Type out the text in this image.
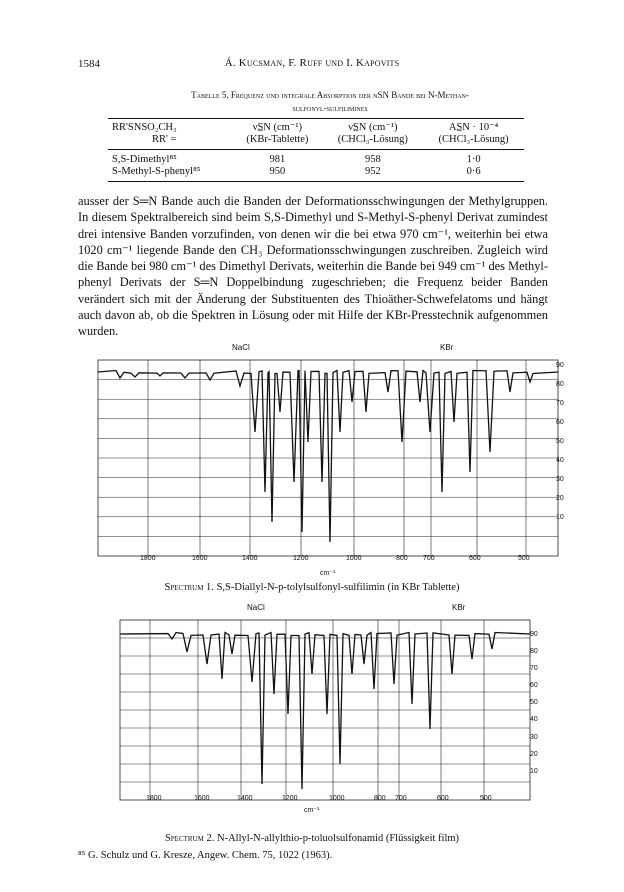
1584	Á. Kucsman, F. Ruff und I. Kapovits
Tabelle 5. Frequenz und integrale Absorption der νSN Bande bei N-Methan-
sulfonyl-sulfilimines
RR'SNSO₂CH₃	νS̲N (cm⁻¹)	νS̲N (cm⁻¹)	AS̲N · 10⁻⁴
RR' =	(KBr-Tablette)	(CHCl₃-Lösung)	(CHCl₃-Lösung)
S,S-Dimethyl⁸⁵	981	958	1·0
S-Methyl-S-phenyl⁸⁵	950	952	0·6

ausser der S═N Bande auch die Banden der Deformationsschwingungen der Methylgruppen. In diesem Spektralbereich sind beim S,S-Dimethyl und S-Methyl-S-phenyl Derivat zumindest drei intensive Banden vorzufinden, von denen wir die bei etwa 970 cm⁻¹, weiterhin bei etwa 1020 cm⁻¹ liegende Bande den CH₃ Deformationsschwingungen zuschreiben. Zugleich wird die Bande bei 980 cm⁻¹ des Dimethyl Derivats, weiterhin die Bande bei 949 cm⁻¹ des Methyl-phenyl Derivats der S═N Doppelbindung zugeschrieben; die Frequenz beider Banden verändert sich mit der Änderung der Substituenten des Thioäther-Schwefelatoms und hängt auch davon ab, ob die Spektren in Lösung oder mit Hilfe der KBr-Presstechnik aufgenommen wurden.

NaCl	KBr
90
80
70
60
50
40
30
20
10
1800	1600	1400	1200	1000	800 700	600	500
cm⁻¹
Spectrum 1. S,S-Diallyl-N-p-tolylsulfonyl-sulfilimin (in KBr Tablette)
NaCl	KBr
90
80
70
60
50
40
30
20
10
1800	1600	1400	1200	1000	800 700	600	500
cm⁻¹
Spectrum 2. N-Allyl-N-allylthio-p-toluolsulfonamid (Flüssigkeit film)
⁸⁵ G. Schulz und G. Kresze, Angew. Chem. 75, 1022 (1963).
